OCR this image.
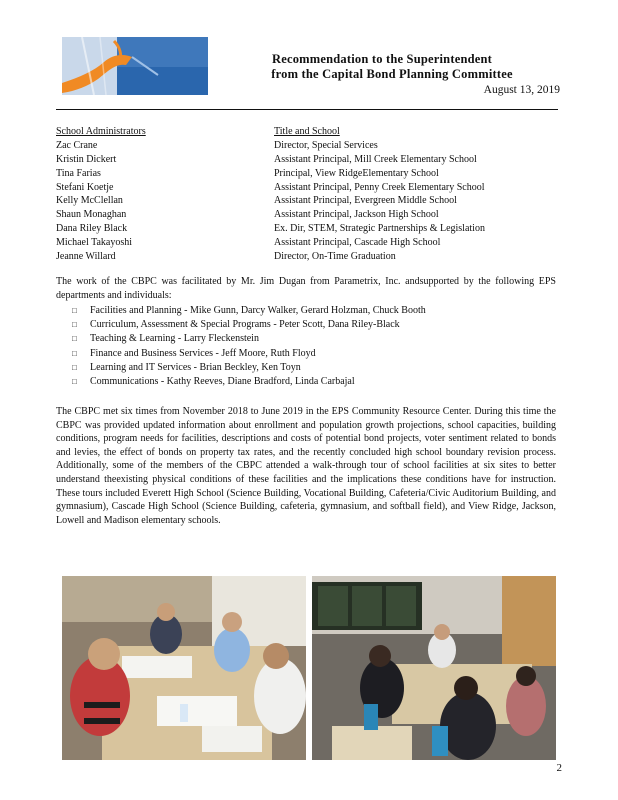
Recommendation to the Superintendent
from the Capital Bond Planning Committee
August 13, 2019
School Administrators	Title and School
Zac Crane	Director, Special Services
Kristin Dickert	Assistant Principal, Mill Creek Elementary School
Tina Farias	Principal, View RidgeElementary School
Stefani Koetje	Assistant Principal, Penny Creek Elementary School
Kelly McClellan	Assistant Principal, Evergreen Middle School
Shaun Monaghan	Assistant Principal, Jackson High School
Dana Riley Black	Ex. Dir, STEM, Strategic Partnerships & Legislation
Michael Takayoshi	Assistant Principal, Cascade High School
Jeanne Willard	Director, On-Time Graduation
The work of the CBPC was facilitated by Mr. Jim Dugan from Parametrix, Inc. andsupported by the following EPS departments and individuals:
□	Facilities and Planning - Mike Gunn, Darcy Walker, Gerard Holzman, Chuck Booth
□	Curriculum, Assessment & Special Programs - Peter Scott, Dana Riley-Black
□	Teaching & Learning - Larry Fleckenstein
□	Finance and Business Services - Jeff Moore, Ruth Floyd
□	Learning and IT Services - Brian Beckley, Ken Toyn
□	Communications - Kathy Reeves, Diane Bradford, Linda Carbajal
The CBPC met six times from November 2018 to June 2019 in the EPS Community Resource Center. During this time the CBPC was provided updated information about enrollment and population growth projections, school capacities, building conditions, program needs for facilities, descriptions and costs of potential bond projects, voter sentiment related to bonds and levies, the effect of bonds on property tax rates, and the recently concluded high school boundary revision process. Additionally, some of the members of the CBPC attended a walk-through tour of school facilities at six sites to better understand theexisting physical conditions of these facilities and the implications these conditions have for instruction. These tours included Everett High School (Science Building, Vocational Building, Cafeteria/Civic Auditorium Building, and gymnasium), Cascade High School (Science Building, cafeteria, gymnasium, and softball field), and View Ridge, Jackson, Lowell and Madison elementary schools.
2
